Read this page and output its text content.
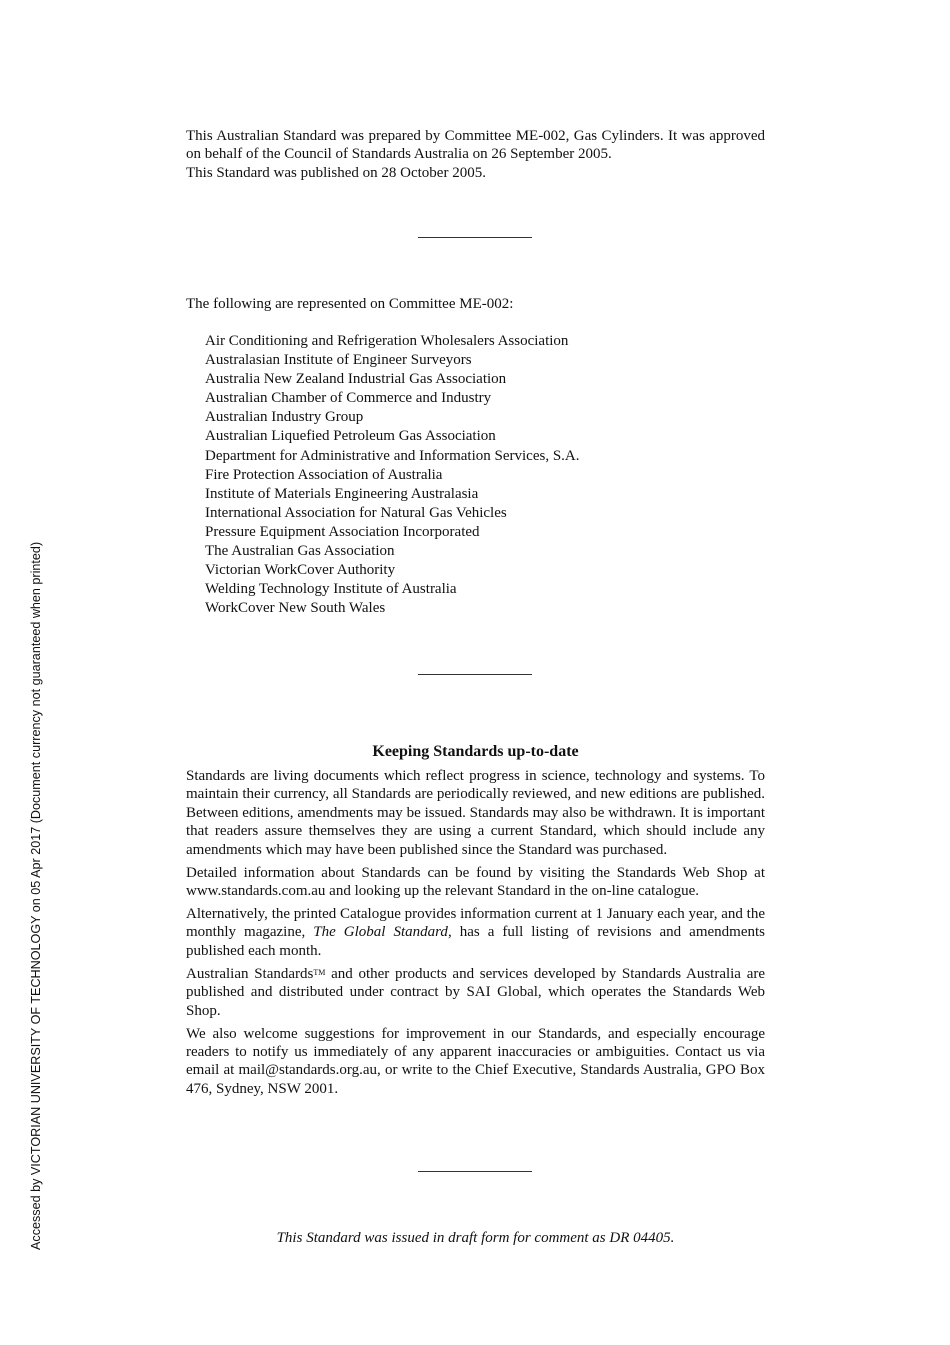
This Australian Standard was prepared by Committee ME-002, Gas Cylinders. It was approved on behalf of the Council of Standards Australia on 26 September 2005.

This Standard was published on 28 October 2005.

The following are represented on Committee ME-002:

Air Conditioning and Refrigeration Wholesalers Association
Australasian Institute of Engineer Surveyors
Australia New Zealand Industrial Gas Association
Australian Chamber of Commerce and Industry
Australian Industry Group
Australian Liquefied Petroleum Gas Association
Department for Administrative and Information Services, S.A.
Fire Protection Association of Australia
Institute of Materials Engineering Australasia
International Association for Natural Gas Vehicles
Pressure Equipment Association Incorporated
The Australian Gas Association
Victorian WorkCover Authority
Welding Technology Institute of Australia
WorkCover New South Wales
Keeping Standards up-to-date

Standards are living documents which reflect progress in science, technology and systems. To maintain their currency, all Standards are periodically reviewed, and new editions are published. Between editions, amendments may be issued. Standards may also be withdrawn. It is important that readers assure themselves they are using a current Standard, which should include any amendments which may have been published since the Standard was purchased.

Detailed information about Standards can be found by visiting the Standards Web Shop at www.standards.com.au and looking up the relevant Standard in the on-line catalogue.

Alternatively, the printed Catalogue provides information current at 1 January each year, and the monthly magazine, The Global Standard, has a full listing of revisions and amendments published each month.

Australian Standards™ and other products and services developed by Standards Australia are published and distributed under contract by SAI Global, which operates the Standards Web Shop.

We also welcome suggestions for improvement in our Standards, and especially encourage readers to notify us immediately of any apparent inaccuracies or ambiguities. Contact us via email at mail@standards.org.au, or write to the Chief Executive, Standards Australia, GPO Box 476, Sydney, NSW 2001.

This Standard was issued in draft form for comment as DR 04405.
Accessed by VICTORIAN UNIVERSITY OF TECHNOLOGY on 05 Apr 2017 (Document currency not guaranteed when printed)
